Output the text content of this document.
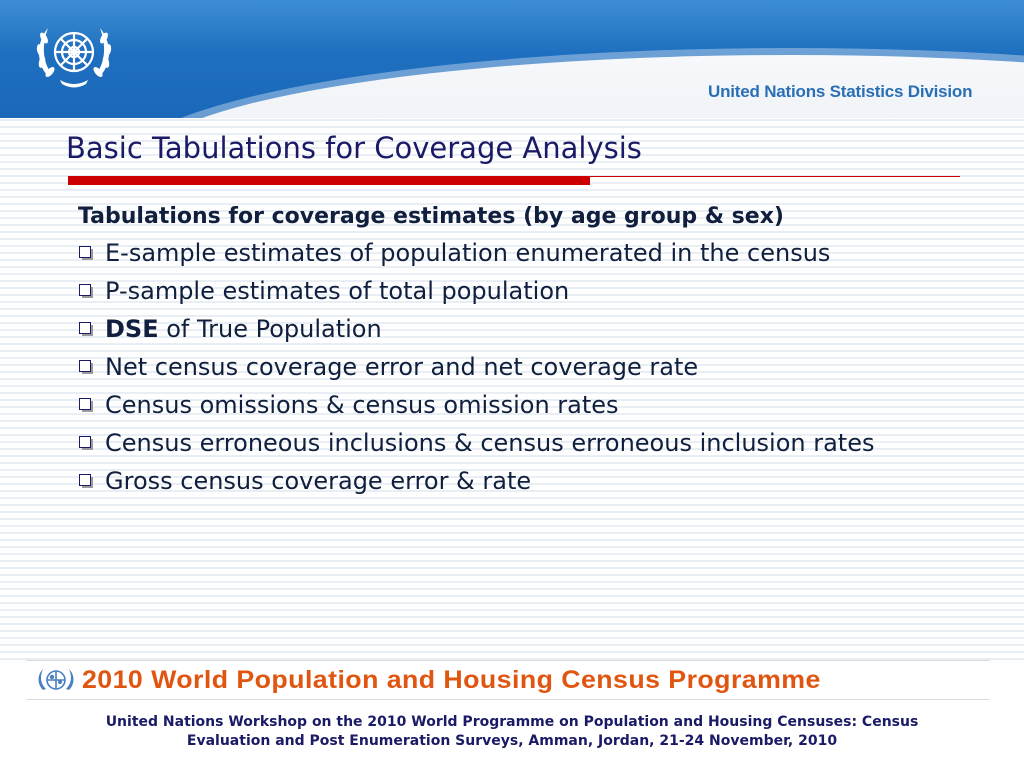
United Nations Statistics Division
Basic Tabulations for Coverage Analysis

Tabulations for coverage estimates (by age group & sex)

E-sample estimates of population enumerated in the census
P-sample estimates of total population
DSE of True Population
Net census coverage error and net coverage rate
Census omissions & census omission rates
Census erroneous inclusions & census erroneous inclusion rates
Gross census coverage error & rate
2010 World Population and Housing Census Programme
United Nations Workshop on the 2010 World Programme on Population and Housing Censuses: Census
Evaluation and Post Enumeration Surveys, Amman, Jordan, 21-24 November, 2010
